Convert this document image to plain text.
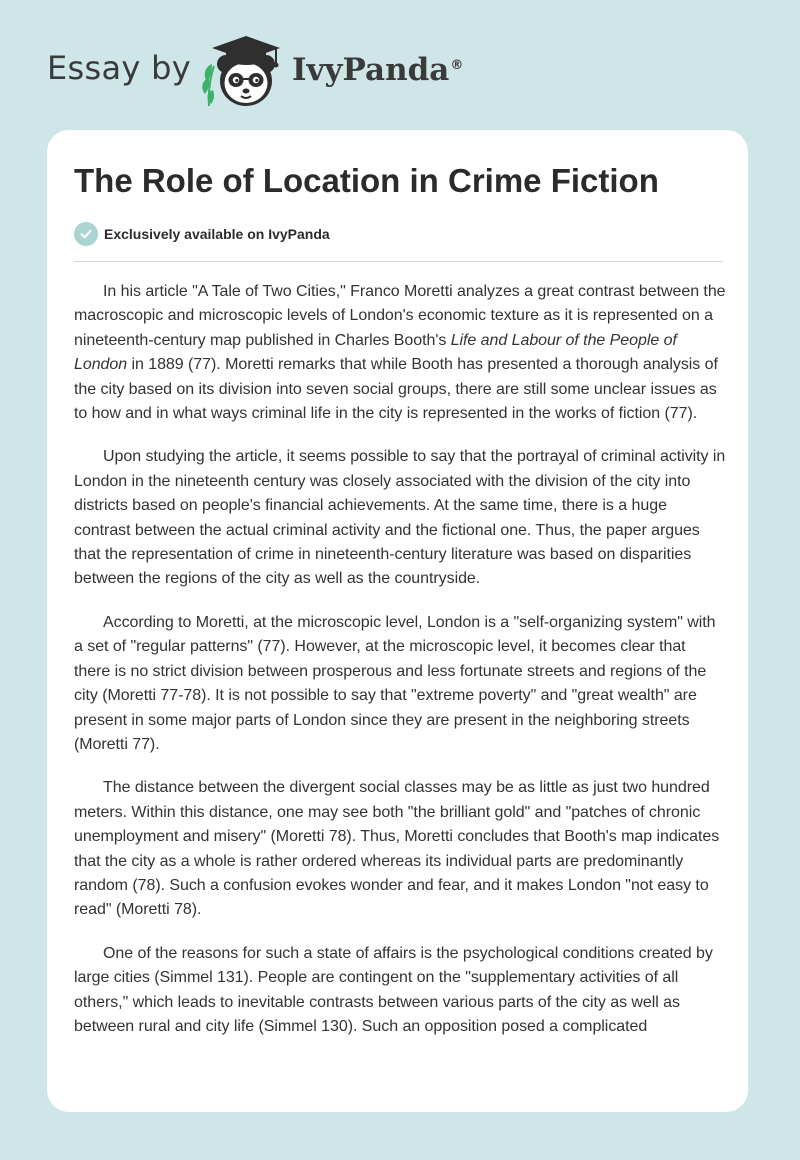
Essay by	IvyPanda®
The Role of Location in Crime Fiction
Exclusively available on IvyPanda

In his article "A Tale of Two Cities," Franco Moretti analyzes a great contrast between the macroscopic and microscopic levels of London's economic texture as it is represented on a nineteenth-century map published in Charles Booth's Life and Labour of the People of London in 1889 (77). Moretti remarks that while Booth has presented a thorough analysis of the city based on its division into seven social groups, there are still some unclear issues as to how and in what ways criminal life in the city is represented in the works of fiction (77).

Upon studying the article, it seems possible to say that the portrayal of criminal activity in London in the nineteenth century was closely associated with the division of the city into districts based on people's financial achievements. At the same time, there is a huge contrast between the actual criminal activity and the fictional one. Thus, the paper argues that the representation of crime in nineteenth-century literature was based on disparities between the regions of the city as well as the countryside.

According to Moretti, at the microscopic level, London is a "self-organizing system" with a set of "regular patterns" (77). However, at the microscopic level, it becomes clear that there is no strict division between prosperous and less fortunate streets and regions of the city (Moretti 77-78). It is not possible to say that "extreme poverty" and "great wealth" are present in some major parts of London since they are present in the neighboring streets (Moretti 77).

The distance between the divergent social classes may be as little as just two hundred meters. Within this distance, one may see both "the brilliant gold" and "patches of chronic unemployment and misery" (Moretti 78). Thus, Moretti concludes that Booth's map indicates that the city as a whole is rather ordered whereas its individual parts are predominantly random (78). Such a confusion evokes wonder and fear, and it makes London "not easy to read" (Moretti 78).

One of the reasons for such a state of affairs is the psychological conditions created by large cities (Simmel 131). People are contingent on the "supplementary activities of all others," which leads to inevitable contrasts between various parts of the city as well as between rural and city life (Simmel 130). Such an opposition posed a complicated
